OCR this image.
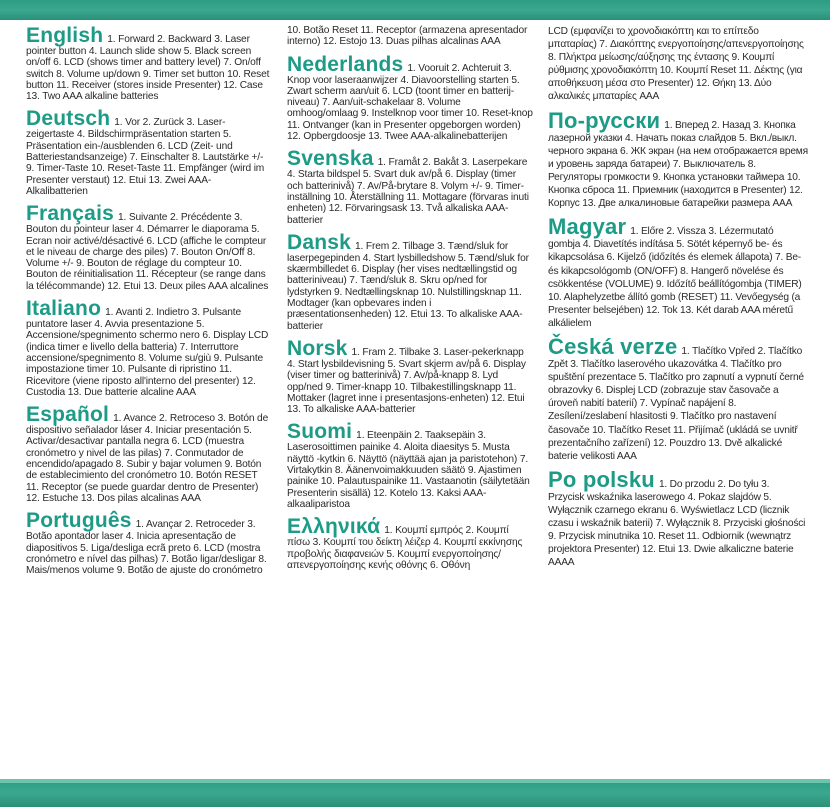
English 1. Forward 2. Backward 3. Laser pointer button 4. Launch slide show 5. Black screen on/off 6. LCD (shows timer and battery level) 7. On/off switch 8. Volume up/down 9. Timer set button 10. Reset button 11. Receiver (stores inside Presenter) 12. Case 13. Two AAA alkaline batteries

Deutsch 1. Vor 2. Zurück 3. Laser-zeigertaste 4. Bildschirmpräsentation starten 5. Präsentation ein-/ausblenden 6. LCD (Zeit- und Batteriestandsanzeige) 7. Einschalter 8. Lautstärke +/- 9. Timer-Taste 10. Reset-Taste 11. Empfänger (wird im Presenter verstaut) 12. Etui 13. Zwei AAA-Alkalibatterien

Français 1. Suivante 2. Précédente 3. Bouton du pointeur laser 4. Démarrer le diaporama 5. Ecran noir activé/désactivé 6. LCD (affiche le compteur et le niveau de charge des piles) 7. Bouton On/Off 8. Volume +/- 9. Bouton de réglage du compteur 10. Bouton de réinitialisation 11. Récepteur (se range dans la télécommande) 12. Etui 13. Deux piles AAA alcalines

Italiano 1. Avanti 2. Indietro 3. Pulsante puntatore laser 4. Avvia presentazione 5. Accensione/spegnimento schermo nero 6. Display LCD (indica timer e livello della batteria) 7. Interruttore accensione/spegnimento 8. Volume su/giù 9. Pulsante impostazione timer 10. Pulsante di ripristino 11. Ricevitore (viene riposto all'interno del presenter) 12. Custodia 13. Due batterie alcaline AAA

Español 1. Avance 2. Retroceso 3. Botón de dispositivo señalador láser 4. Iniciar presentación 5. Activar/desactivar pantalla negra 6. LCD (muestra cronómetro y nivel de las pilas) 7. Conmutador de encendido/apagado 8. Subir y bajar volumen 9. Botón de establecimiento del cronómetro 10. Botón RESET 11. Receptor (se puede guardar dentro de Presenter) 12. Estuche 13. Dos pilas alcalinas AAA

Português 1. Avançar 2. Retroceder 3. Botão apontador laser 4. Inicia apresentação de diapositivos 5. Liga/desliga ecrã preto 6. LCD (mostra cronómetro e nível das pilhas) 7. Botão ligar/desligar 8. Mais/menos volume 9. Botão de ajuste do cronómetro

10. Botão Reset 11. Receptor (armazena apresentador interno) 12. Estojo 13. Duas pilhas alcalinas AAA

Nederlands 1. Vooruit 2. Achteruit 3. Knop voor laseraanwijzer 4. Diavoorstelling starten 5. Zwart scherm aan/uit 6. LCD (toont timer en batterij-niveau) 7. Aan/uit-schakelaar 8. Volume omhoog/omlaag 9. Instelknop voor timer 10. Reset-knop 11. Ontvanger (kan in Presenter opgeborgen worden) 12. Opbergdoosje 13. Twee AAA-alkalinebatterijen

Svenska 1. Framåt 2. Bakåt 3. Laserpekare 4. Starta bildspel 5. Svart duk av/på 6. Display (timer och batterinivå) 7. Av/På-brytare 8. Volym +/- 9. Timer-inställning 10. Återställning 11. Mottagare (förvaras inuti enheten) 12. Förvaringsask 13. Två alkaliska AAA-batterier

Dansk 1. Frem 2. Tilbage 3. Tænd/sluk for laserpegepinden 4. Start lysbilledshow 5. Tænd/sluk for skærmbilledet 6. Display (her vises nedtællingstid og batteriniveau) 7. Tænd/sluk 8. Skru op/ned for lydstyrken 9. Nedtællingsknap 10. Nulstillingsknap 11. Modtager (kan opbevares inden i præsentationsenheden) 12. Etui 13. To alkaliske AAA-batterier

Norsk 1. Fram 2. Tilbake 3. Laser-pekerknapp 4. Start lysbildevisning 5. Svart skjerm av/på 6. Display (viser timer og batterinivå) 7. Av/på-knapp 8. Lyd opp/ned 9. Timer-knapp 10. Tilbakestillingsknapp 11. Mottaker (lagret inne i presentasjons-enheten) 12. Etui 13. To alkaliske AAA-batterier

Suomi 1. Eteenpäin 2. Taaksepäin 3. Laserosoittimen painike 4. Aloita diaesitys 5. Musta näyttö -kytkin 6. Näyttö (näyttää ajan ja paristotehon) 7. Virtakytkin 8. Äänenvoimakkuuden säätö 9. Ajastimen painike 10. Palautuspainike 11. Vastaanotin (säilytetään Presenterin sisällä) 12. Kotelo 13. Kaksi AAA-alkaaliparistoa

Ελληνικά 1. Κουμπί εμπρός 2. Κουμπί πίσω 3. Κουμπί του δείκτη λέιζερ 4. Κουμπί εκκίνησης προβολής διαφανειών 5. Κουμπί ενεργοποίησης/απενεργοποίησης κενής οθόνης 6. Οθόνη

LCD (εμφανίζει το χρονοδιακόπτη και το επίπεδο μπαταρίας) 7. Διακόπτης ενεργοποίησης/απενεργοποίησης 8. Πλήκτρα μείωσης/αύξησης της έντασης 9. Κουμπί ρύθμισης χρονοδιακόπτη 10. Κουμπί Reset 11. Δέκτης (για αποθήκευση μέσα στο Presenter) 12. Θήκη 13. Δύο αλκαλικές μπαταρίες AAA

По-русски 1. Вперед 2. Назад 3. Кнопка лазерной указки 4. Начать показ слайдов 5. Вкл./выкл. черного экрана 6. ЖК экран (на нем отображается время и уровень заряда батареи) 7. Выключатель 8. Регуляторы громкости 9. Кнопка установки таймера 10. Кнопка сброса 11. Приемник (находится в Presenter) 12. Корпус 13. Две алкалиновые батарейки размера AAA

Magyar 1. Előre 2. Vissza 3. Lézermutató gombja 4. Diavetítés indítása 5. Sötét képernyő be- és kikapcsolása 6. Kijelző (időzítés és elemek állapota) 7. Be- és kikapcsológomb (ON/OFF) 8. Hangerő növelése és csökkentése (VOLUME) 9. Időzítő beállítógombja (TIMER) 10. Alaphelyzetbe állító gomb (RESET) 11. Vevőegység (a Presenter belsejében) 12. Tok 13. Két darab AAA méretű alkálielem

Česká verze 1. Tlačítko Vpřed 2. Tlačítko Zpět 3. Tlačítko laserového ukazovátka 4. Tlačítko pro spuštění prezentace 5. Tlačítko pro zapnutí a vypnutí černé obrazovky 6. Displej LCD (zobrazuje stav časovače a úroveň nabití baterií) 7. Vypínač napájení 8. Zesílení/zeslabení hlasitosti 9. Tlačítko pro nastavení časovače 10. Tlačítko Reset 11. Přijímač (ukládá se uvnitř prezentačního zařízení) 12. Pouzdro 13. Dvě alkalické baterie velikosti AAA

Po polsku 1. Do przodu 2. Do tyłu 3. Przycisk wskaźnika laserowego 4. Pokaz slajdów 5. Wyłącznik czarnego ekranu 6. Wyświetlacz LCD (licznik czasu i wskaźnik baterii) 7. Wyłącznik 8. Przyciski głośności 9. Przycisk minutnika 10. Reset 11. Odbiornik (wewnątrz projektora Presenter) 12. Etui 13. Dwie alkaliczne baterie AAAA
